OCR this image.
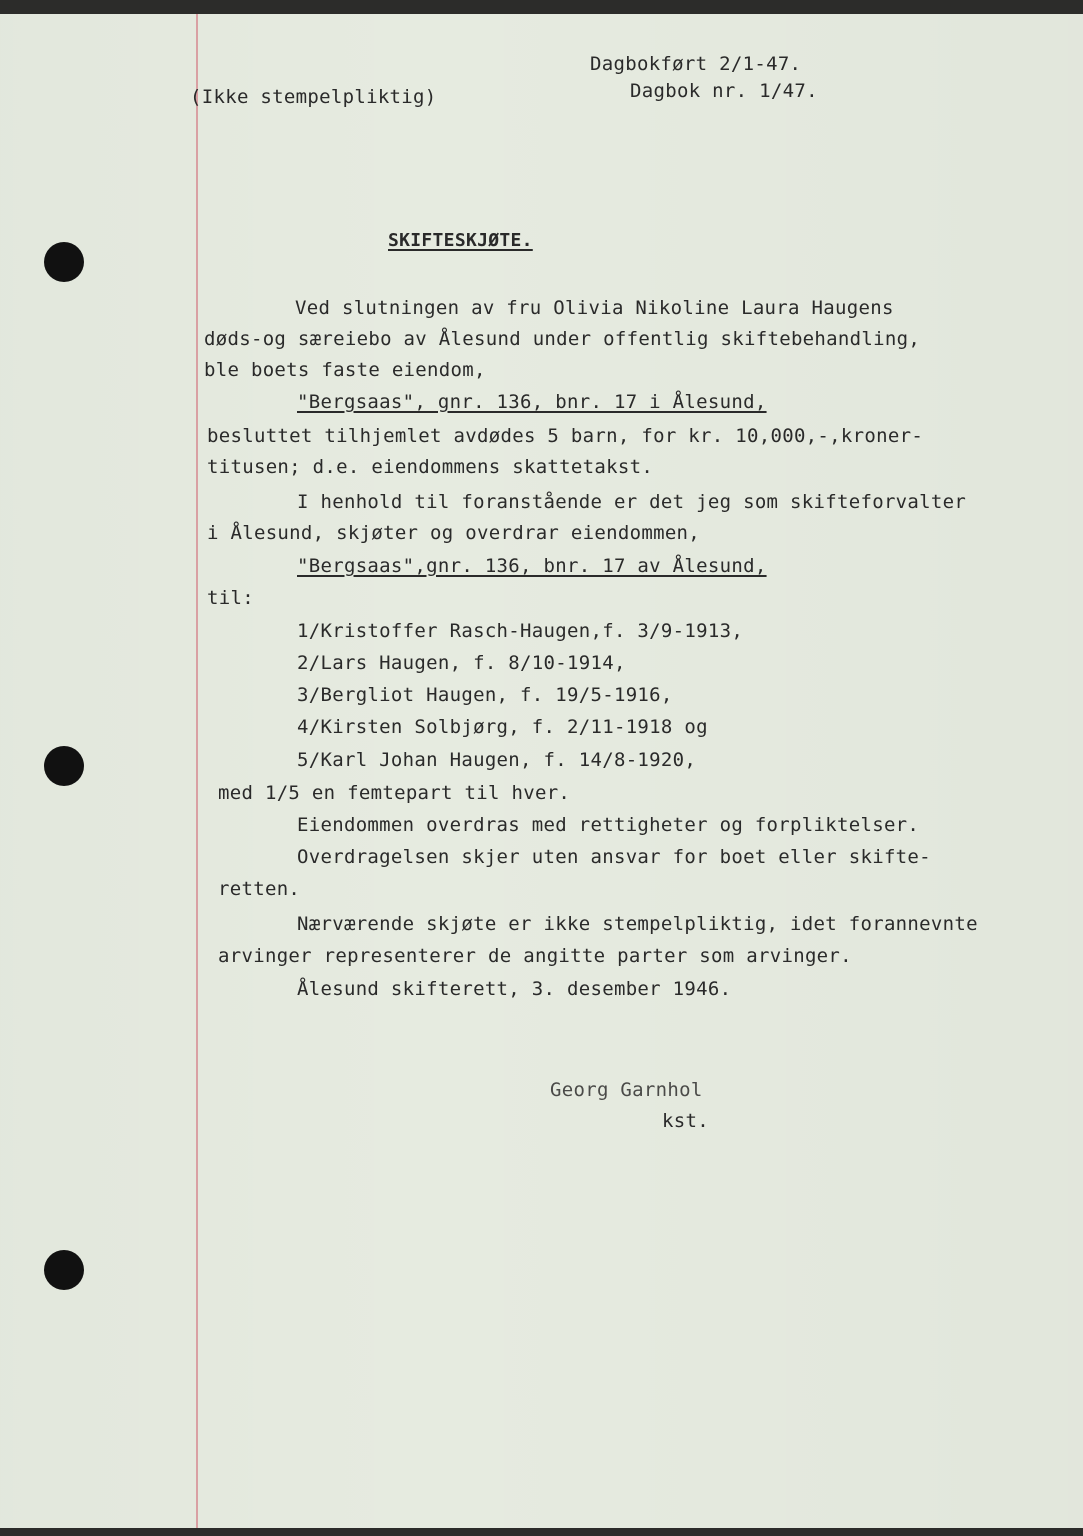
(Ikke stempelpliktig)

Dagbokført 2/1-47.

Dagbok nr. 1/47.

SKIFTESKJØTE.

Ved slutningen av fru Olivia Nikoline Laura Haugens

døds-og særeiebo av Ålesund under offentlig skiftebehandling,

ble boets faste eiendom,

"Bergsaas", gnr. 136, bnr. 17 i Ålesund,

besluttet tilhjemlet avdødes 5 barn, for kr. 10,000,-,kroner-

titusen; d.e. eiendommens skattetakst.

I henhold til foranstående er det jeg som skifteforvalter

i Ålesund, skjøter og overdrar eiendommen,

"Bergsaas",gnr. 136, bnr. 17 av Ålesund,

til:

1/Kristoffer Rasch-Haugen,f. 3/9-1913,

2/Lars Haugen, f. 8/10-1914,

3/Bergliot Haugen, f. 19/5-1916,

4/Kirsten Solbjørg, f. 2/11-1918 og

5/Karl Johan Haugen, f. 14/8-1920,

med 1/5 en femtepart til hver.

Eiendommen overdras med rettigheter og forpliktelser.

Overdragelsen skjer uten ansvar for boet eller skifte-

retten.

Nærværende skjøte er ikke stempelpliktig, idet forannevnte

arvinger representerer de angitte parter som arvinger.

Ålesund skifterett, 3. desember 1946.

Georg Garnhol

kst.
